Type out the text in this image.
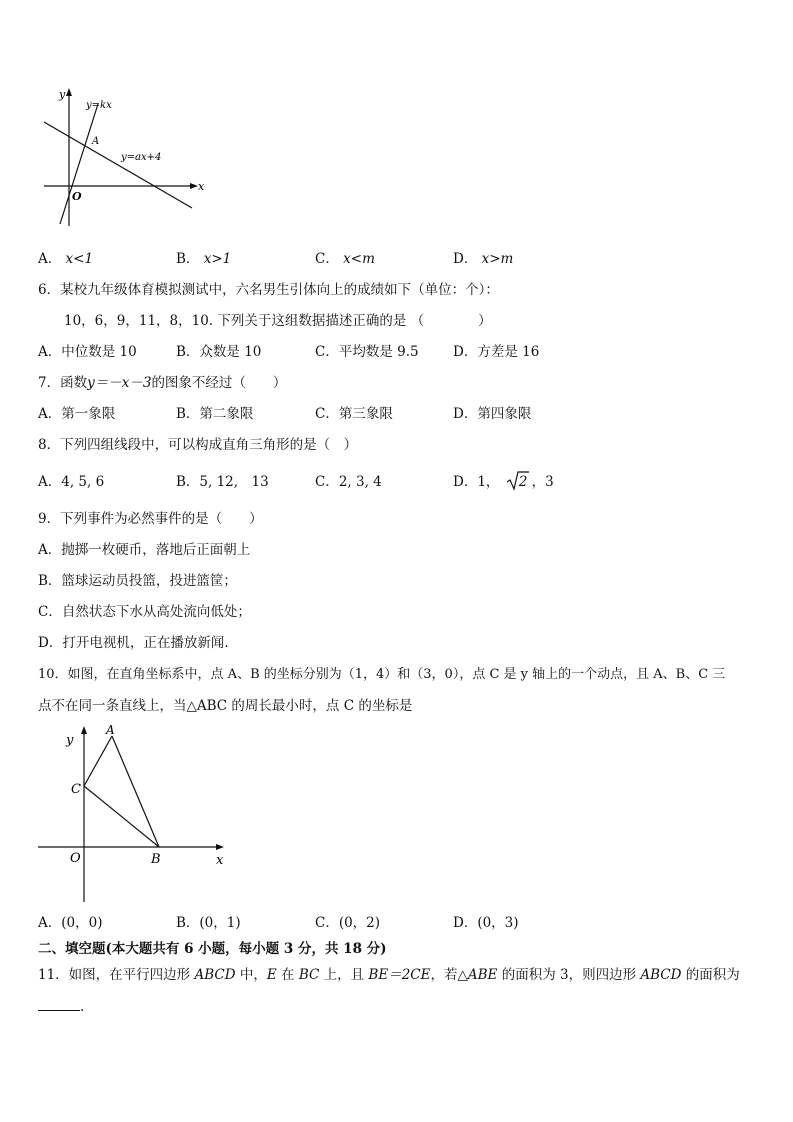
y
x
O
y=kx
y=ax+4
A
A． x<1	B． x>1	C． x<m	D． x>m
6．某校九年级体育模拟测试中，六名男生引体向上的成绩如下（单位：个）：
10，6，9，11，8，10. 下列关于这组数据描述正确的是 （　　　　）
A．中位数是 10	B．众数是 10	C．平均数是 9.5	D．方差是 16
7．函数y＝－x－3的图象不经过（　　）
A．第一象限	B．第二象限	C．第三象限	D．第四象限
8．下列四组线段中，可以构成直角三角形的是（　）
A．4, 5, 6	B．5, 12,　13	C．2, 3, 4	D．1， 2 ，3
9．下列事件为必然事件的是（　　）
A．抛掷一枚硬币，落地后正面朝上
B．篮球运动员投篮，投进篮筐；
C．自然状态下水从高处流向低处；
D．打开电视机，正在播放新闻.
10．如图，在直角坐标系中，点 A、B 的坐标分别为（1，4）和（3，0），点 C 是 y 轴上的一个动点，且 A、B、C 三
点不在同一条直线上，当△ABC 的周长最小时，点 C 的坐标是
y
x
O
A
B
C
A．(0，0)	B．(0，1)	C．(0，2)	D．(0，3)
二、填空题(本大题共有 6 小题，每小题 3 分，共 18 分)
11．如图，在平行四边形 ABCD 中，E 在 BC 上，且 BE＝2CE，若△ABE 的面积为 3，则四边形 ABCD 的面积为
.
